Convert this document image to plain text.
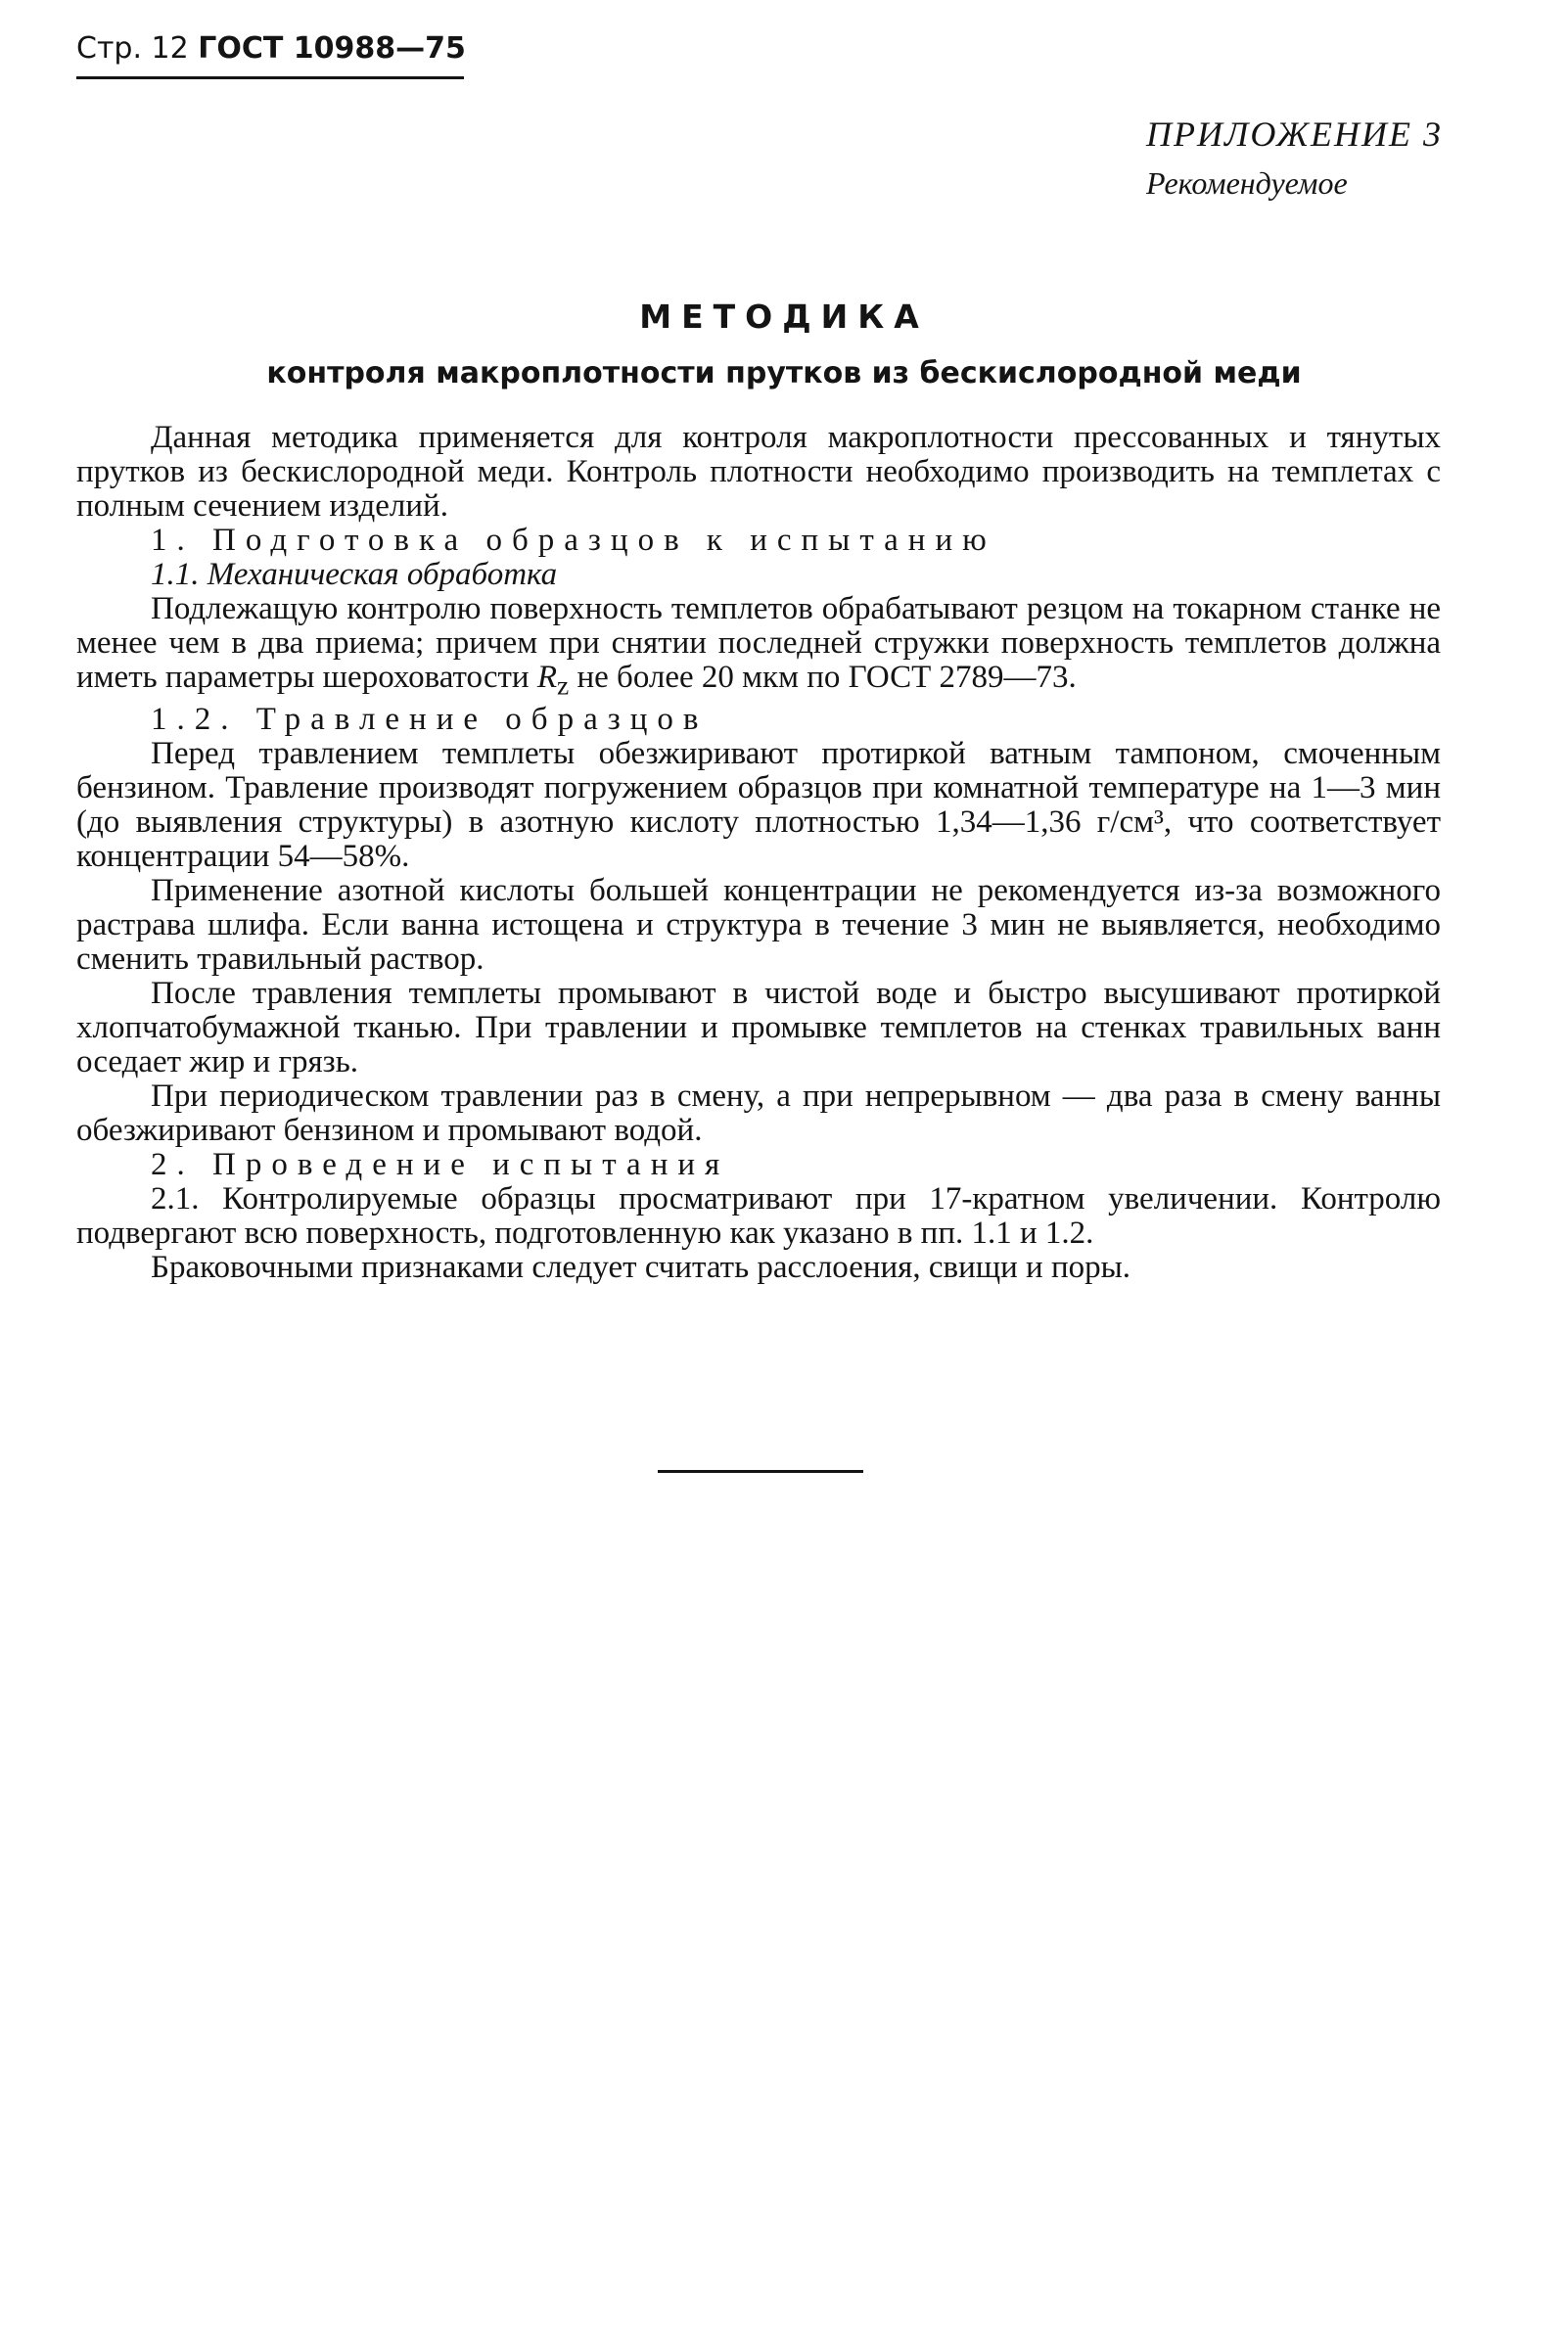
Стр. 12 ГОСТ 10988—75
ПРИЛОЖЕНИЕ 3
Рекомендуемое
МЕТОДИКА
контроля макроплотности прутков из бескислородной меди

Данная методика применяется для контроля макроплотности прессованных и тянутых прутков из бескислородной меди. Контроль плотности необходимо производить на темплетах с полным сечением изделий.

1. Подготовка образцов к испытанию

1.1. Механическая обработка

Подлежащую контролю поверхность темплетов обрабатывают резцом на токарном станке не менее чем в два приема; причем при снятии последней стружки поверхность темплетов должна иметь параметры шероховатости $R_z$ не более 20 мкм по ГОСТ 2789—73.

1.2. Травление образцов

Перед травлением темплеты обезжиривают протиркой ватным тампоном, смоченным бензином. Травление производят погружением образцов при комнатной температуре на 1—3 мин (до выявления структуры) в азотную кислоту плотностью 1,34—1,36 г/см³, что соответствует концентрации 54—58%.

Применение азотной кислоты большей концентрации не рекомендуется из-за возможного растрава шлифа. Если ванна истощена и структура в течение 3 мин не выявляется, необходимо сменить травильный раствор.

После травления темплеты промывают в чистой воде и быстро высушивают протиркой хлопчатобумажной тканью. При травлении и промывке темплетов на стенках травильных ванн оседает жир и грязь.

При периодическом травлении раз в смену, а при непрерывном — два раза в смену ванны обезжиривают бензином и промывают водой.

2. Проведение испытания

2.1. Контролируемые образцы просматривают при 17-кратном увеличении. Контролю подвергают всю поверхность, подготовленную как указано в пп. 1.1 и 1.2.

Браковочными признаками следует считать расслоения, свищи и поры.
